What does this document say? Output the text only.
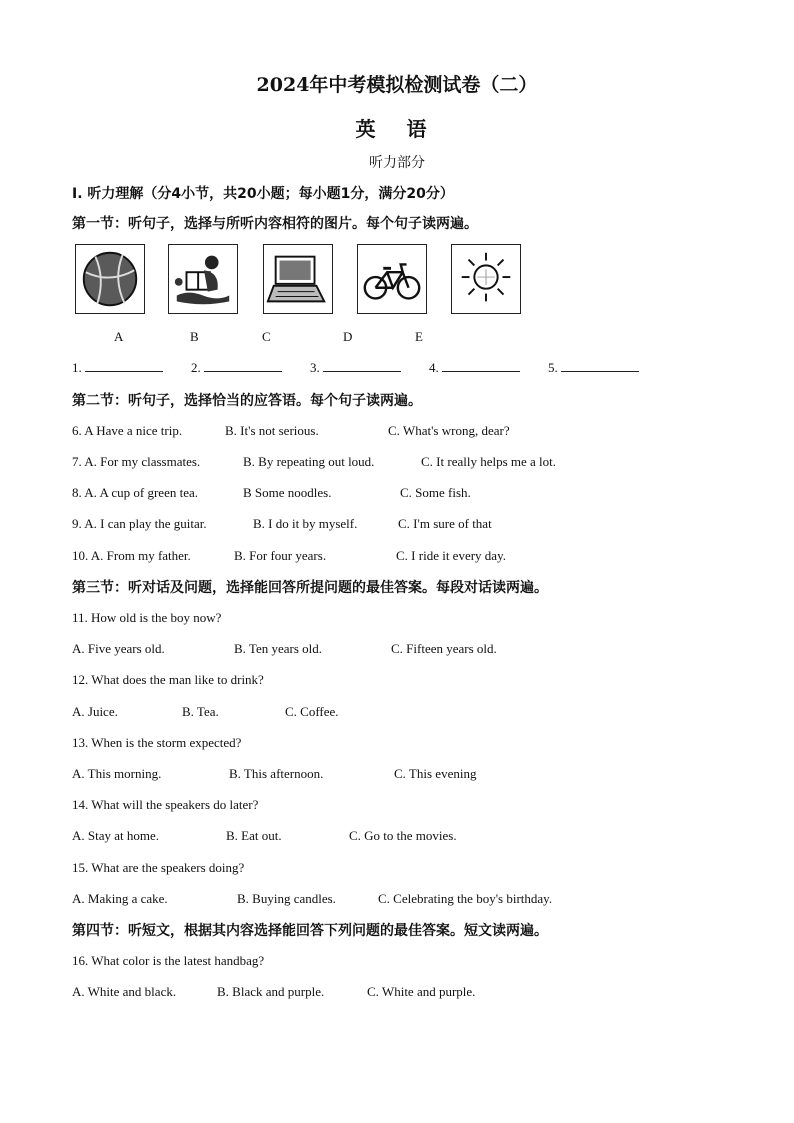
2024年中考模拟检测试卷（二）
英 语
听力部分
I. 听力理解（分4小节，共20小题；每小题1分，满分20分）
第一节：听句子，选择与所听内容相符的图片。每个句子读两遍。
A	B	C	D	E
1.	2.	3.	4.	5.
第二节：听句子，选择恰当的应答语。每个句子读两遍。
6. A Have a nice trip.	B. It's not serious.	C. What's wrong, dear?
7. A. For my classmates.	B. By repeating out loud.	C. It really helps me a lot.
8. A. A cup of green tea.	B Some noodles.	C. Some fish.
9. A. I can play the guitar.	B. I do it by myself.	C. I'm sure of that
10. A. From my father.	B. For four years.	C. I ride it every day.
第三节：听对话及问题，选择能回答所提问题的最佳答案。每段对话读两遍。
11. How old is the boy now?
A. Five years old.	B. Ten years old.	C. Fifteen years old.
12. What does the man like to drink?
A. Juice.	B. Tea.	C. Coffee.
13. When is the storm expected?
A. This morning.	B. This afternoon.	C. This evening
14. What will the speakers do later?
A. Stay at home.	B. Eat out.	C. Go to the movies.
15. What are the speakers doing?
A. Making a cake.	B. Buying candles.	C. Celebrating the boy's birthday.
第四节：听短文，根据其内容选择能回答下列问题的最佳答案。短文读两遍。
16. What color is the latest handbag?
A. White and black.	B. Black and purple.	C. White and purple.
